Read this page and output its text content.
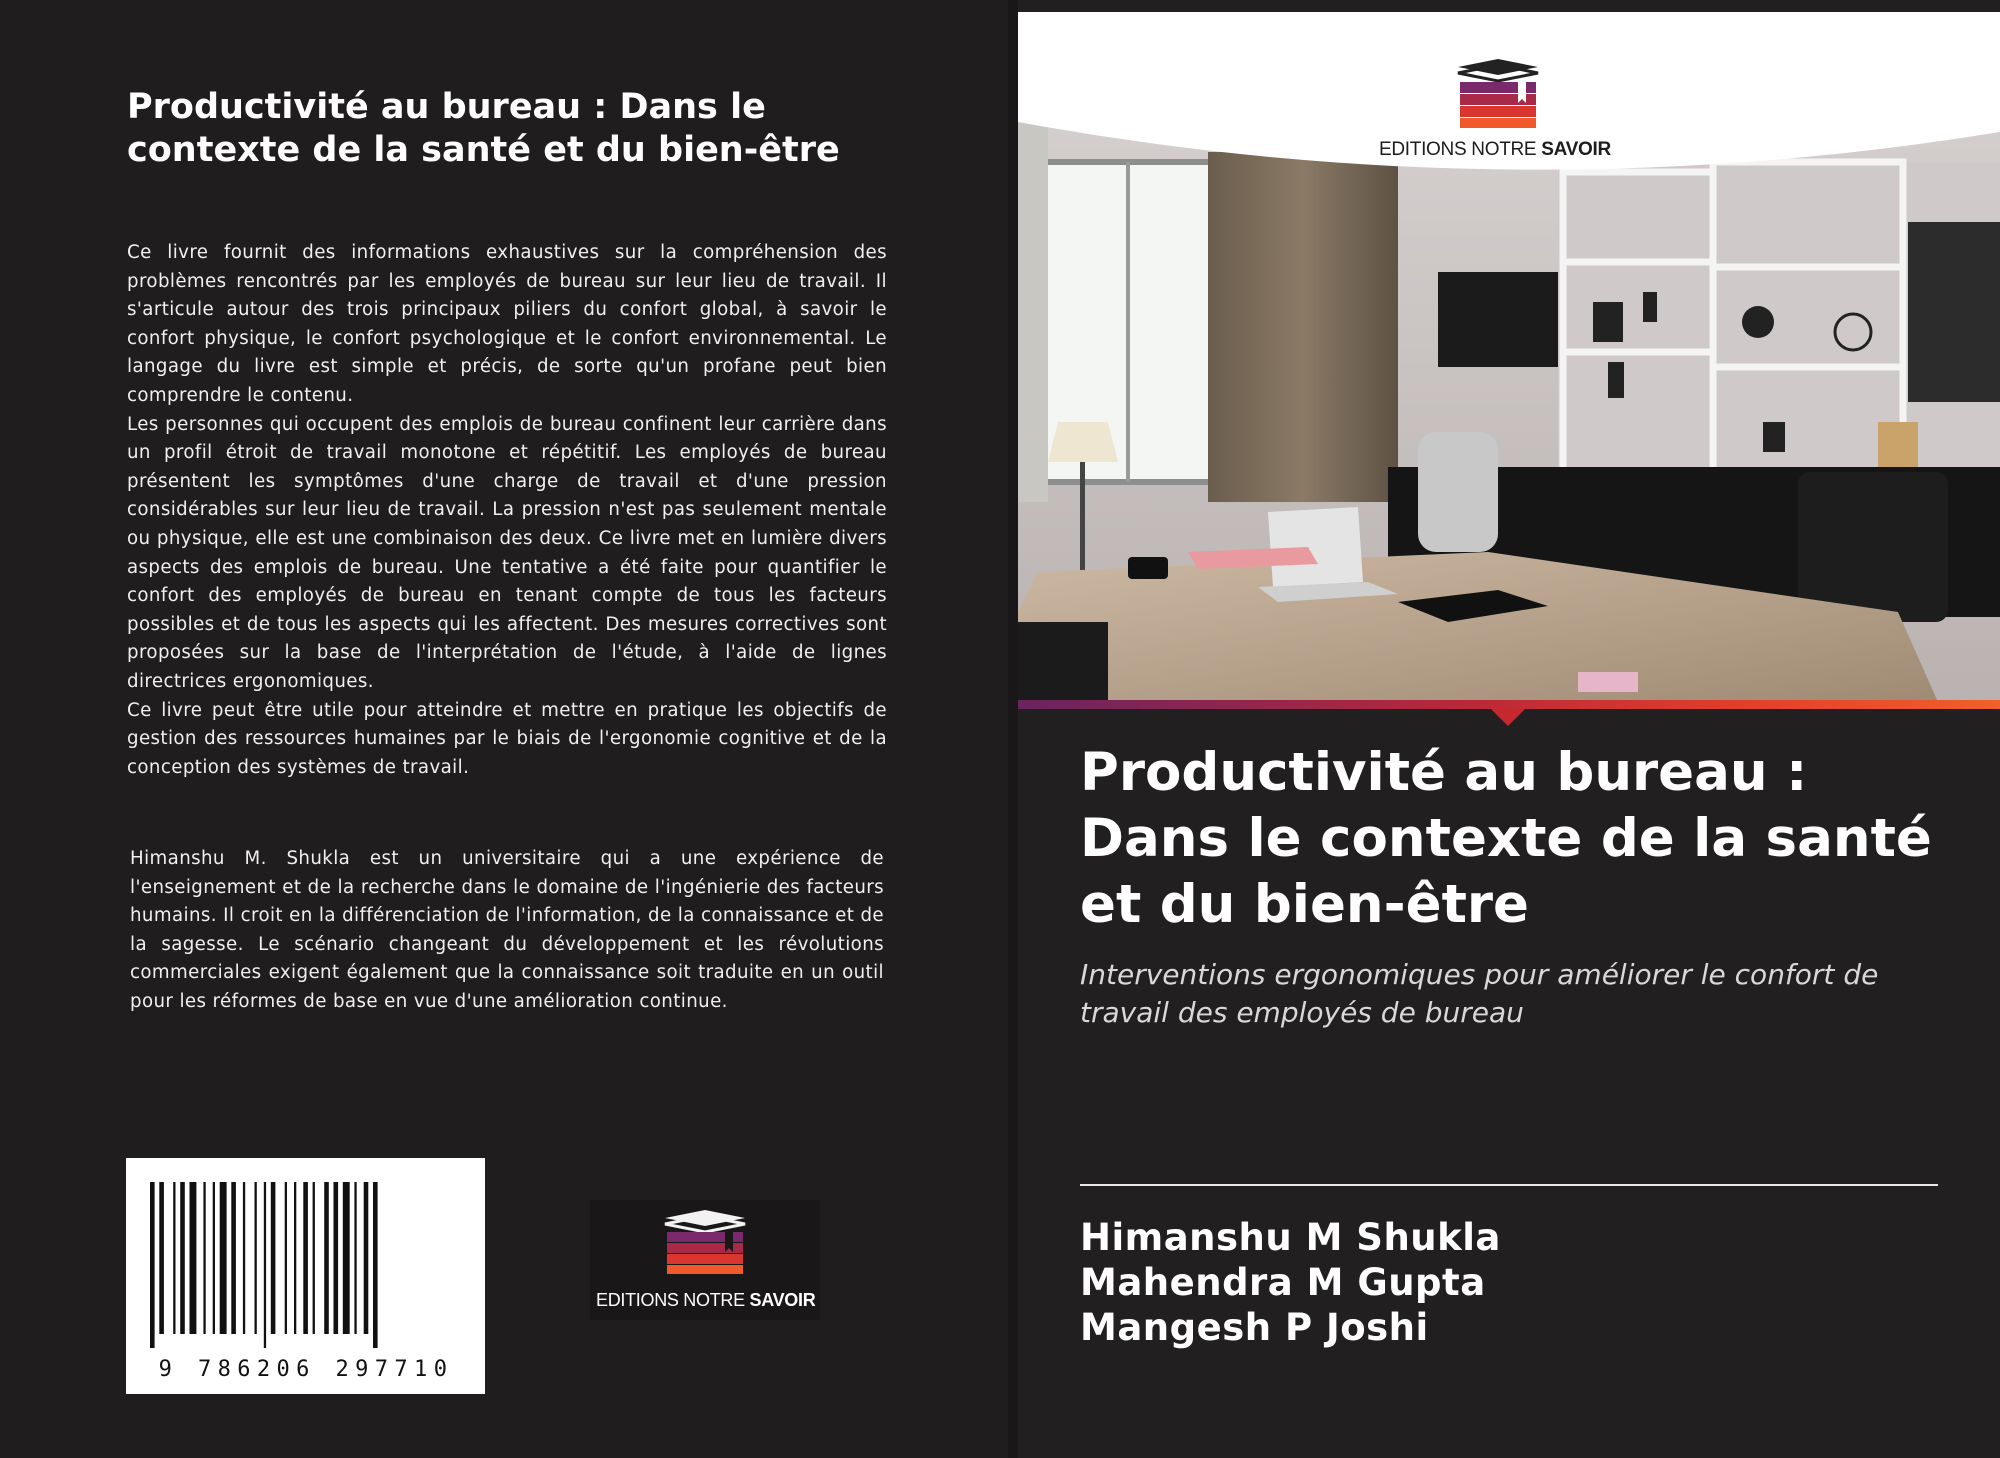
Productivité au bureau : Dans le contexte de la santé et du bien-être

Ce livre fournit des informations exhaustives sur la compréhension des problèmes rencontrés par les employés de bureau sur leur lieu de travail. Il s'articule autour des trois principaux piliers du confort global, à savoir le confort physique, le confort psychologique et le confort environnemental. Le langage du livre est simple et précis, de sorte qu'un profane peut bien comprendre le contenu.

Les personnes qui occupent des emplois de bureau confinent leur carrière dans un profil étroit de travail monotone et répétitif. Les employés de bureau présentent les symptômes d'une charge de travail et d'une pression considérables sur leur lieu de travail. La pression n'est pas seulement mentale ou physique, elle est une combinaison des deux. Ce livre met en lumière divers aspects des emplois de bureau. Une tentative a été faite pour quantifier le confort des employés de bureau en tenant compte de tous les facteurs possibles et de tous les aspects qui les affectent. Des mesures correctives sont proposées sur la base de l'interprétation de l'étude, à l'aide de lignes directrices ergonomiques.

Ce livre peut être utile pour atteindre et mettre en pratique les objectifs de gestion des ressources humaines par le biais de l'ergonomie cognitive et de la conception des systèmes de travail.

Himanshu M. Shukla est un universitaire qui a une expérience de l'enseignement et de la recherche dans le domaine de l'ingénierie des facteurs humains. Il croit en la différenciation de l'information, de la connaissance et de la sagesse. Le scénario changeant du développement et les révolutions commerciales exigent également que la connaissance soit traduite en un outil pour les réformes de base en vue d'une amélioration continue.

9 786206 297710
EDITIONS NOTRE SAVOIR
EDITIONS NOTRE SAVOIR
Productivité au bureau : Dans le contexte de la santé et du bien-être

Interventions ergonomiques pour améliorer le confort de travail des employés de bureau

Himanshu M Shukla
Mahendra M Gupta
Mangesh P Joshi
